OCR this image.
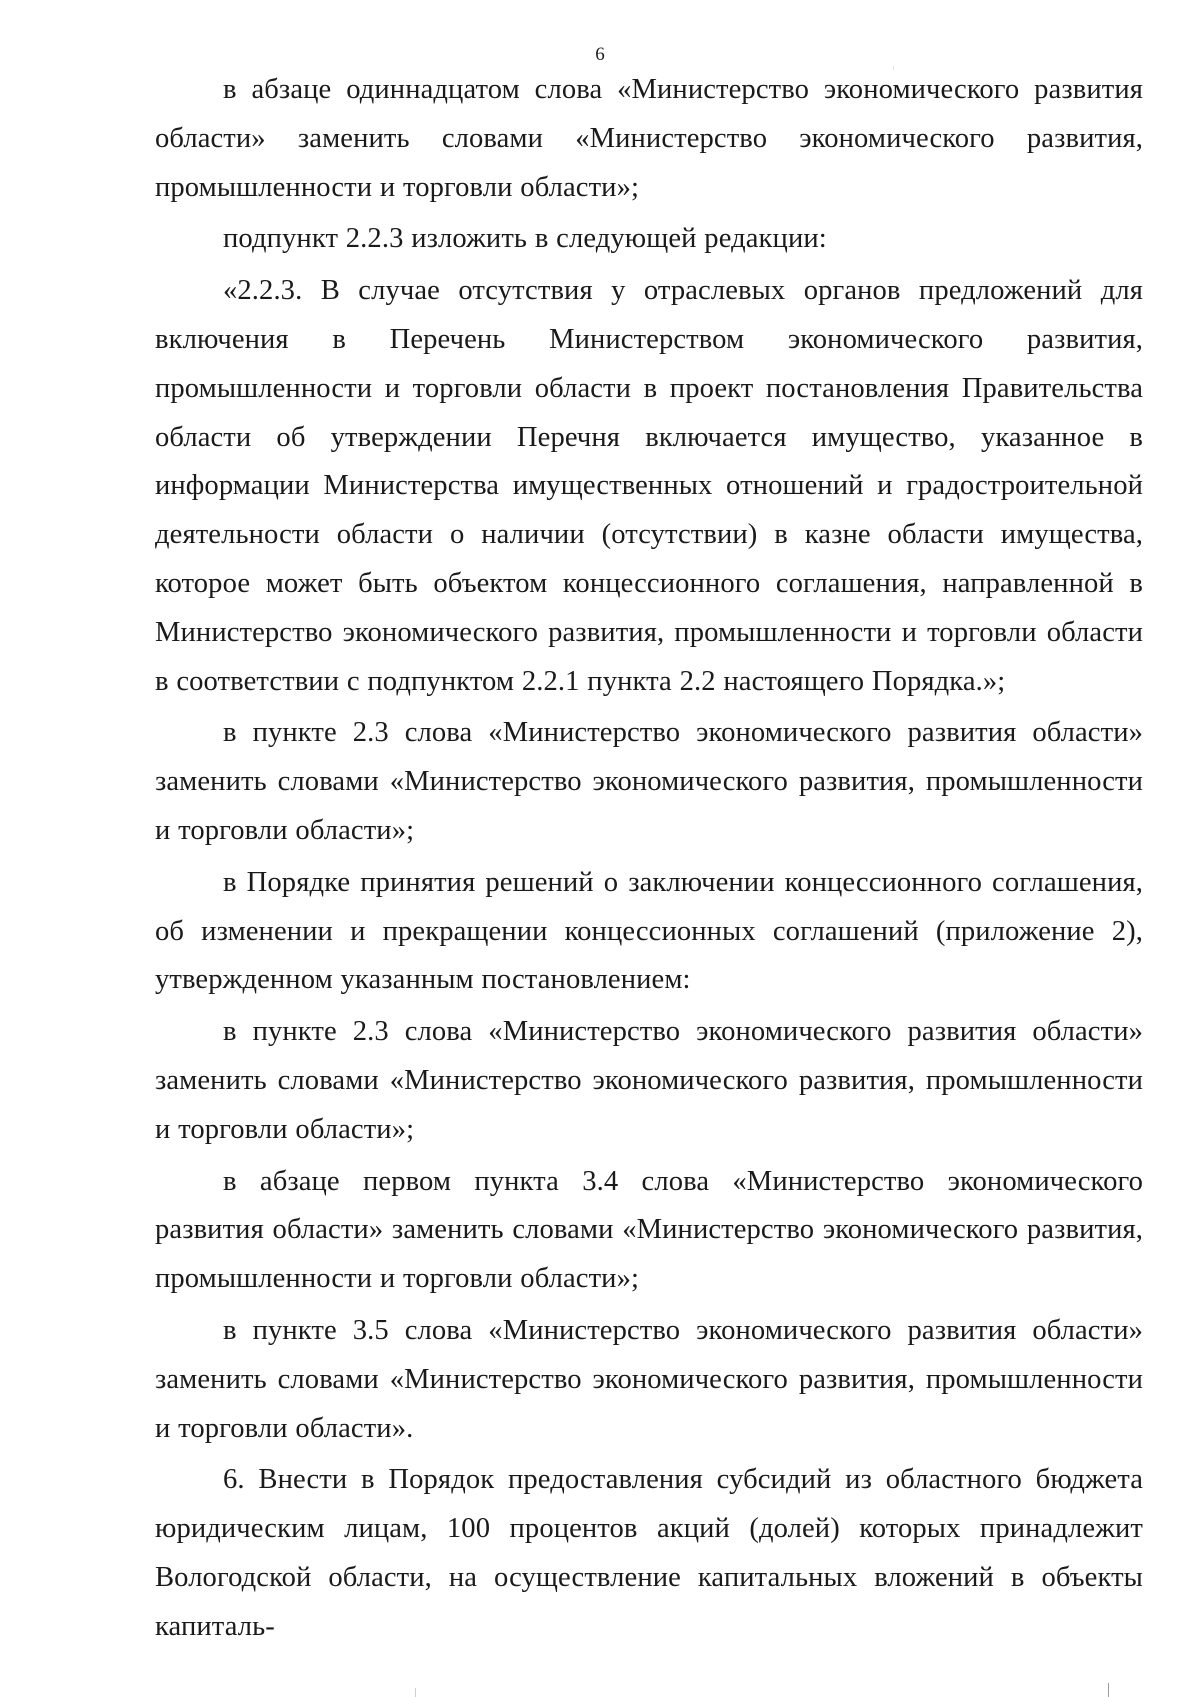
6

в абзаце одиннадцатом слова «Министерство экономического развития области» заменить словами «Министерство экономического развития, промышленности и торговли области»;

подпункт 2.2.3 изложить в следующей редакции:

«2.2.3. В случае отсутствия у отраслевых органов предложений для включения в Перечень Министерством экономического развития, промышленности и торговли области в проект постановления Правительства области об утверждении Перечня включается имущество, указанное в информации Министерства имущественных отношений и градостроительной деятельности области о наличии (отсутствии) в казне области имущества, которое может быть объектом концессионного соглашения, направленной в Министерство экономического развития, промышленности и торговли области в соответствии с подпунктом 2.2.1 пункта 2.2 настоящего Порядка.»;

в пункте 2.3 слова «Министерство экономического развития области» заменить словами «Министерство экономического развития, промышленности и торговли области»;

в Порядке принятия решений о заключении концессионного соглашения, об изменении и прекращении концессионных соглашений (приложение 2), утвержденном указанным постановлением:

в пункте 2.3 слова «Министерство экономического развития области» заменить словами «Министерство экономического развития, промышленности и торговли области»;

в абзаце первом пункта 3.4 слова «Министерство экономического развития области» заменить словами «Министерство экономического развития, промышленности и торговли области»;

в пункте 3.5 слова «Министерство экономического развития области» заменить словами «Министерство экономического развития, промышленности и торговли области».

6. Внести в Порядок предоставления субсидий из областного бюджета юридическим лицам, 100 процентов акций (долей) которых принадлежит Вологодской области, на осуществление капитальных вложений в объекты капиталь-
